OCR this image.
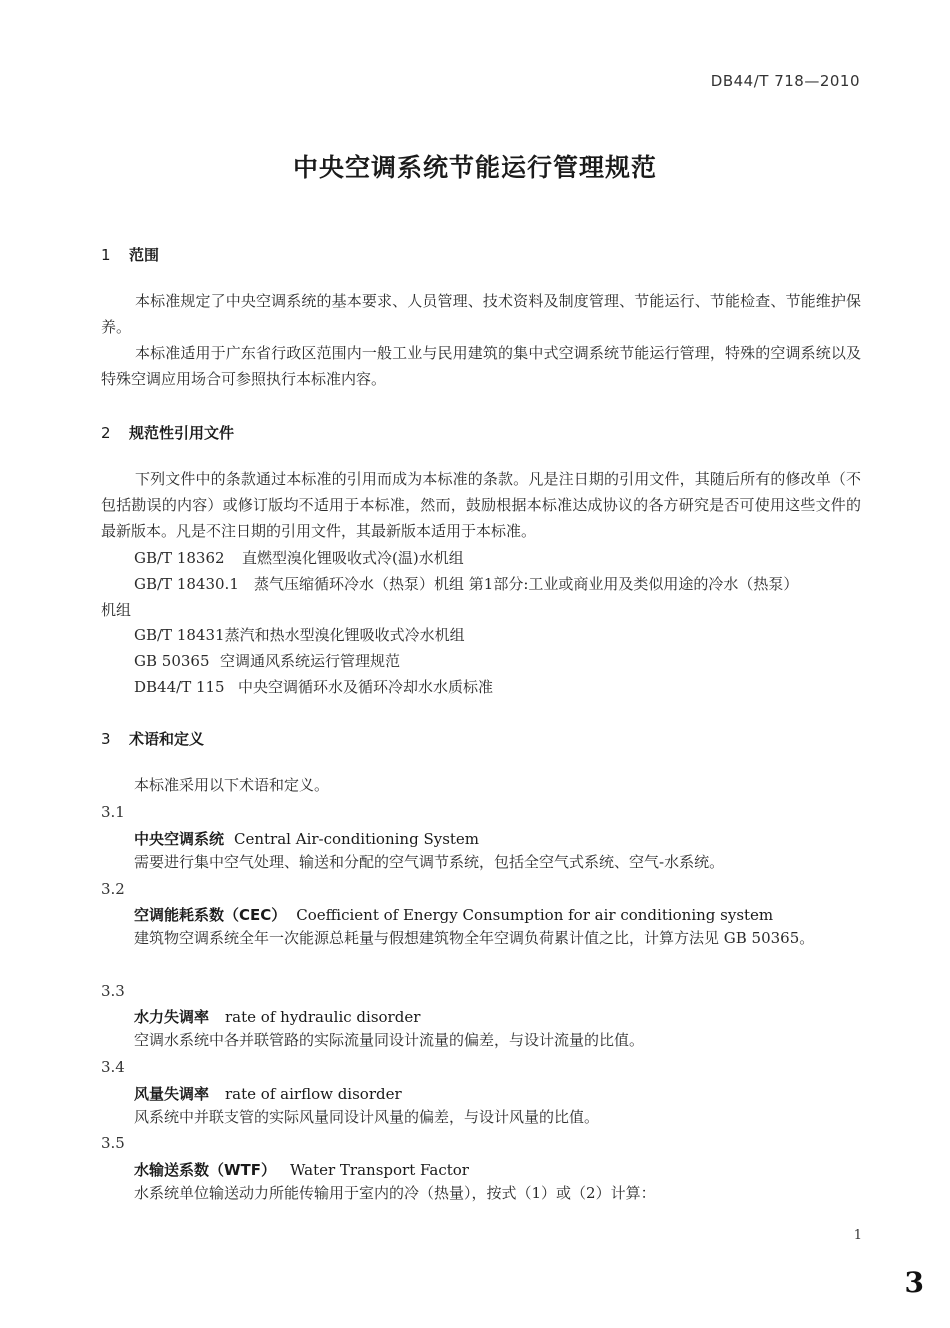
DB44/T 718—2010
中央空调系统节能运行管理规范
1 范围
本标准规定了中央空调系统的基本要求、人员管理、技术资料及制度管理、节能运行、节能检查、节能维护保养。
本标准适用于广东省行政区范围内一般工业与民用建筑的集中式空调系统节能运行管理，特殊的空调系统以及特殊空调应用场合可参照执行本标准内容。
2 规范性引用文件
下列文件中的条款通过本标准的引用而成为本标准的条款。凡是注日期的引用文件，其随后所有的修改单（不包括勘误的内容）或修订版均不适用于本标准，然而，鼓励根据本标准达成协议的各方研究是否可使用这些文件的最新版本。凡是不注日期的引用文件，其最新版本适用于本标准。
GB/T 18362 直燃型溴化锂吸收式冷(温)水机组
GB/T 18430.1 蒸气压缩循环冷水（热泵）机组 第1部分:工业或商业用及类似用途的冷水（热泵）
机组
GB/T 18431蒸汽和热水型溴化锂吸收式冷水机组
GB 50365 空调通风系统运行管理规范
DB44/T 115 中央空调循环水及循环冷却水水质标准
3 术语和定义
本标准采用以下术语和定义。
3.1
中央空调系统 Central Air-conditioning System
需要进行集中空气处理、输送和分配的空气调节系统，包括全空气式系统、空气-水系统。
3.2
空调能耗系数（CEC） Coefficient of Energy Consumption for air conditioning system
建筑物空调系统全年一次能源总耗量与假想建筑物全年空调负荷累计值之比，计算方法见 GB 50365。
3.3
水力失调率 rate of hydraulic disorder
空调水系统中各并联管路的实际流量同设计流量的偏差，与设计流量的比值。
3.4
风量失调率 rate of airflow disorder
风系统中并联支管的实际风量同设计风量的偏差，与设计风量的比值。
3.5
水输送系数（WTF） Water Transport Factor
水系统单位输送动力所能传输用于室内的冷（热量），按式（1）或（2）计算：
1
3
